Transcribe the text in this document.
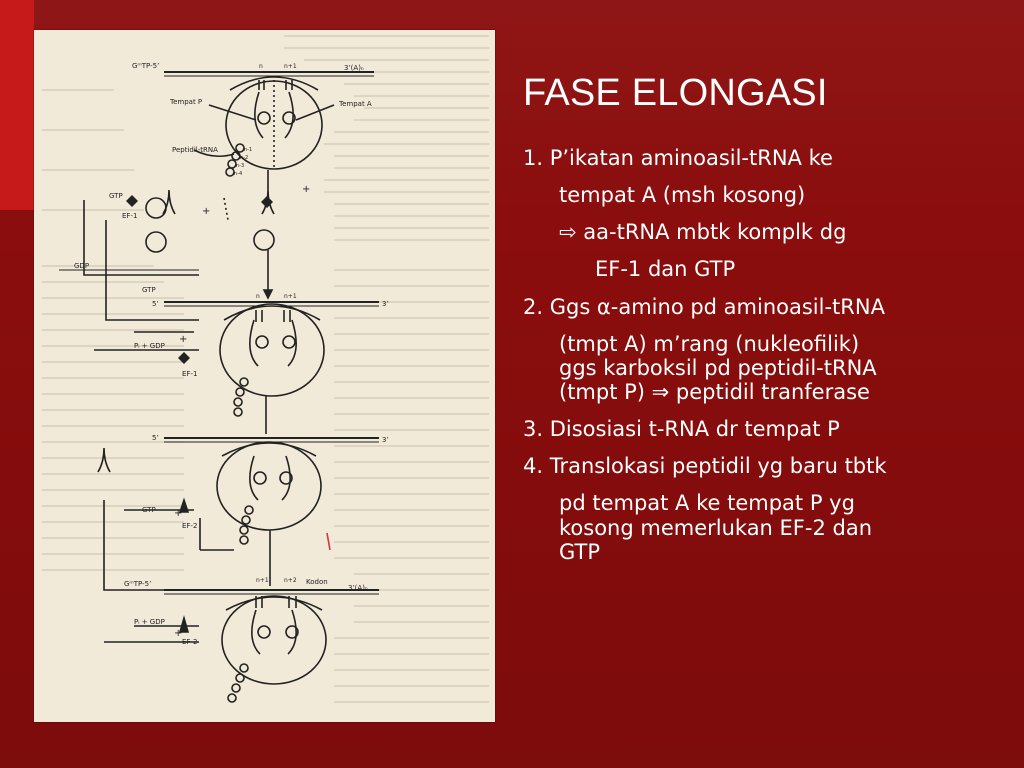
GᵐTP-5’	3’(A)ₙ
Tempat P	Tempat A
Peptidil-tRNA
GTP
EF-1
GDP
GTP
5’	3’
Pᵢ + GDP
EF-1
5’	3’
GTP
EF-2
GᵐTP-5’	Kodon
3’(A)ₙ
Pᵢ + GDP
EF-2
+
+
+
+
+
n	n+1
n	n+1
n+1	n+2
n-1
n-2
n-3
n-4
FASE ELONGASI
1. P’ikatan aminoasil-tRNA ke
tempat A (msh kosong)
⇨ aa-tRNA mbtk komplk dg
EF-1 dan GTP
2. Ggs α-amino pd aminoasil-tRNA
(tmpt A) m’rang (nukleofilik)
ggs karboksil pd peptidil-tRNA
(tmpt P) ⇒ peptidil tranferase
3. Disosiasi t-RNA dr tempat P
4. Translokasi peptidil yg baru tbtk
pd tempat A ke tempat P yg
kosong memerlukan EF-2 dan
GTP
